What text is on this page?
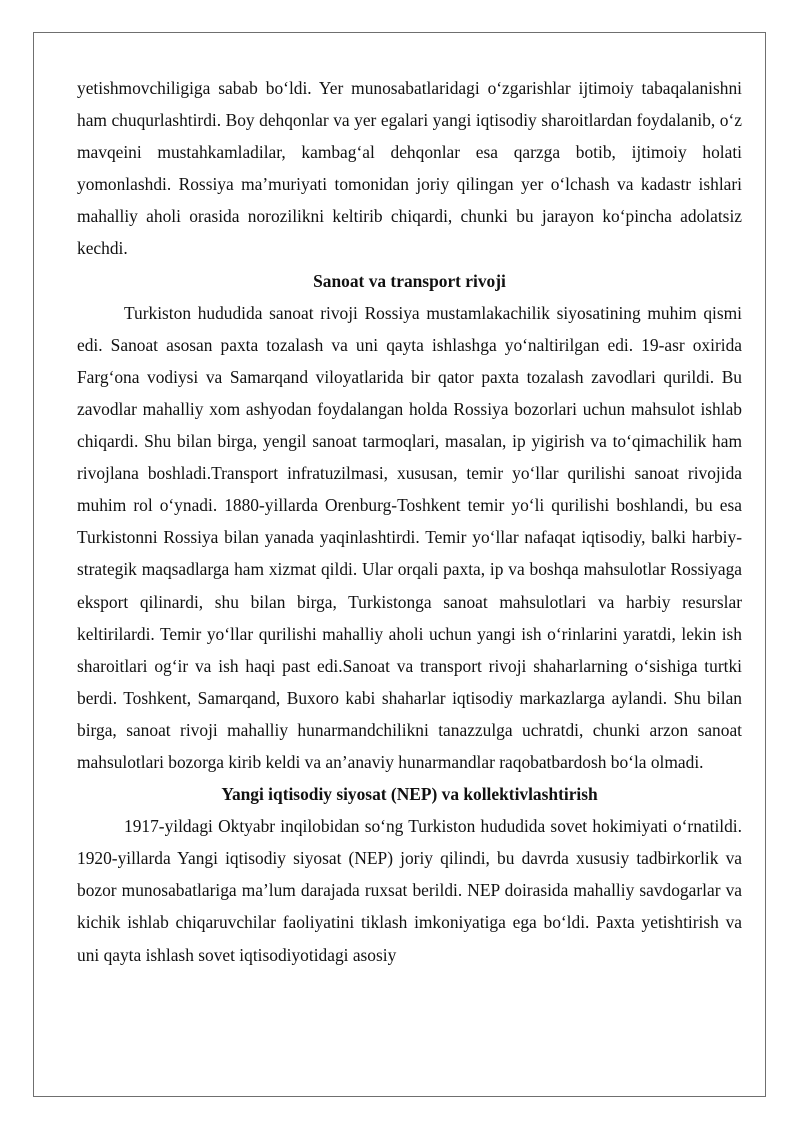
yetishmovchiligiga sabab bo‘ldi. Yer munosabatlaridagi o‘zgarishlar ijtimoiy tabaqalanishni ham chuqurlashtirdi. Boy dehqonlar va yer egalari yangi iqtisodiy sharoitlardan foydalanib, o‘z mavqeini mustahkamladilar, kambag‘al dehqonlar esa qarzga botib, ijtimoiy holati yomonlashdi. Rossiya ma’muriyati tomonidan joriy qilingan yer o‘lchash va kadastr ishlari mahalliy aholi orasida norozilikni keltirib chiqardi, chunki bu jarayon ko‘pincha adolatsiz kechdi.

Sanoat va transport rivoji

Turkiston hududida sanoat rivoji Rossiya mustamlakachilik siyosatining muhim qismi edi. Sanoat asosan paxta tozalash va uni qayta ishlashga yo‘naltirilgan edi. 19-asr oxirida Farg‘ona vodiysi va Samarqand viloyatlarida bir qator paxta tozalash zavodlari qurildi. Bu zavodlar mahalliy xom ashyodan foydalangan holda Rossiya bozorlari uchun mahsulot ishlab chiqardi. Shu bilan birga, yengil sanoat tarmoqlari, masalan, ip yigirish va to‘qimachilik ham rivojlana boshladi.Transport infratuzilmasi, xususan, temir yo‘llar qurilishi sanoat rivojida muhim rol o‘ynadi. 1880-yillarda Orenburg-Toshkent temir yo‘li qurilishi boshlandi, bu esa Turkistonni Rossiya bilan yanada yaqinlashtirdi. Temir yo‘llar nafaqat iqtisodiy, balki harbiy-strategik maqsadlarga ham xizmat qildi. Ular orqali paxta, ip va boshqa mahsulotlar Rossiyaga eksport qilinardi, shu bilan birga, Turkistonga sanoat mahsulotlari va harbiy resurslar keltirilardi. Temir yo‘llar qurilishi mahalliy aholi uchun yangi ish o‘rinlarini yaratdi, lekin ish sharoitlari og‘ir va ish haqi past edi.Sanoat va transport rivoji shaharlarning o‘sishiga turtki berdi. Toshkent, Samarqand, Buxoro kabi shaharlar iqtisodiy markazlarga aylandi. Shu bilan birga, sanoat rivoji mahalliy hunarmandchilikni tanazzulga uchratdi, chunki arzon sanoat mahsulotlari bozorga kirib keldi va an’anaviy hunarmandlar raqobatbardosh bo‘la olmadi.

Yangi iqtisodiy siyosat (NEP) va kollektivlashtirish

1917-yildagi Oktyabr inqilobidan so‘ng Turkiston hududida sovet hokimiyati o‘rnatildi. 1920-yillarda Yangi iqtisodiy siyosat (NEP) joriy qilindi, bu davrda xususiy tadbirkorlik va bozor munosabatlariga ma’lum darajada ruxsat berildi. NEP doirasida mahalliy savdogarlar va kichik ishlab chiqaruvchilar faoliyatini tiklash imkoniyatiga ega bo‘ldi. Paxta yetishtirish va uni qayta ishlash sovet iqtisodiyotidagi asosiy
